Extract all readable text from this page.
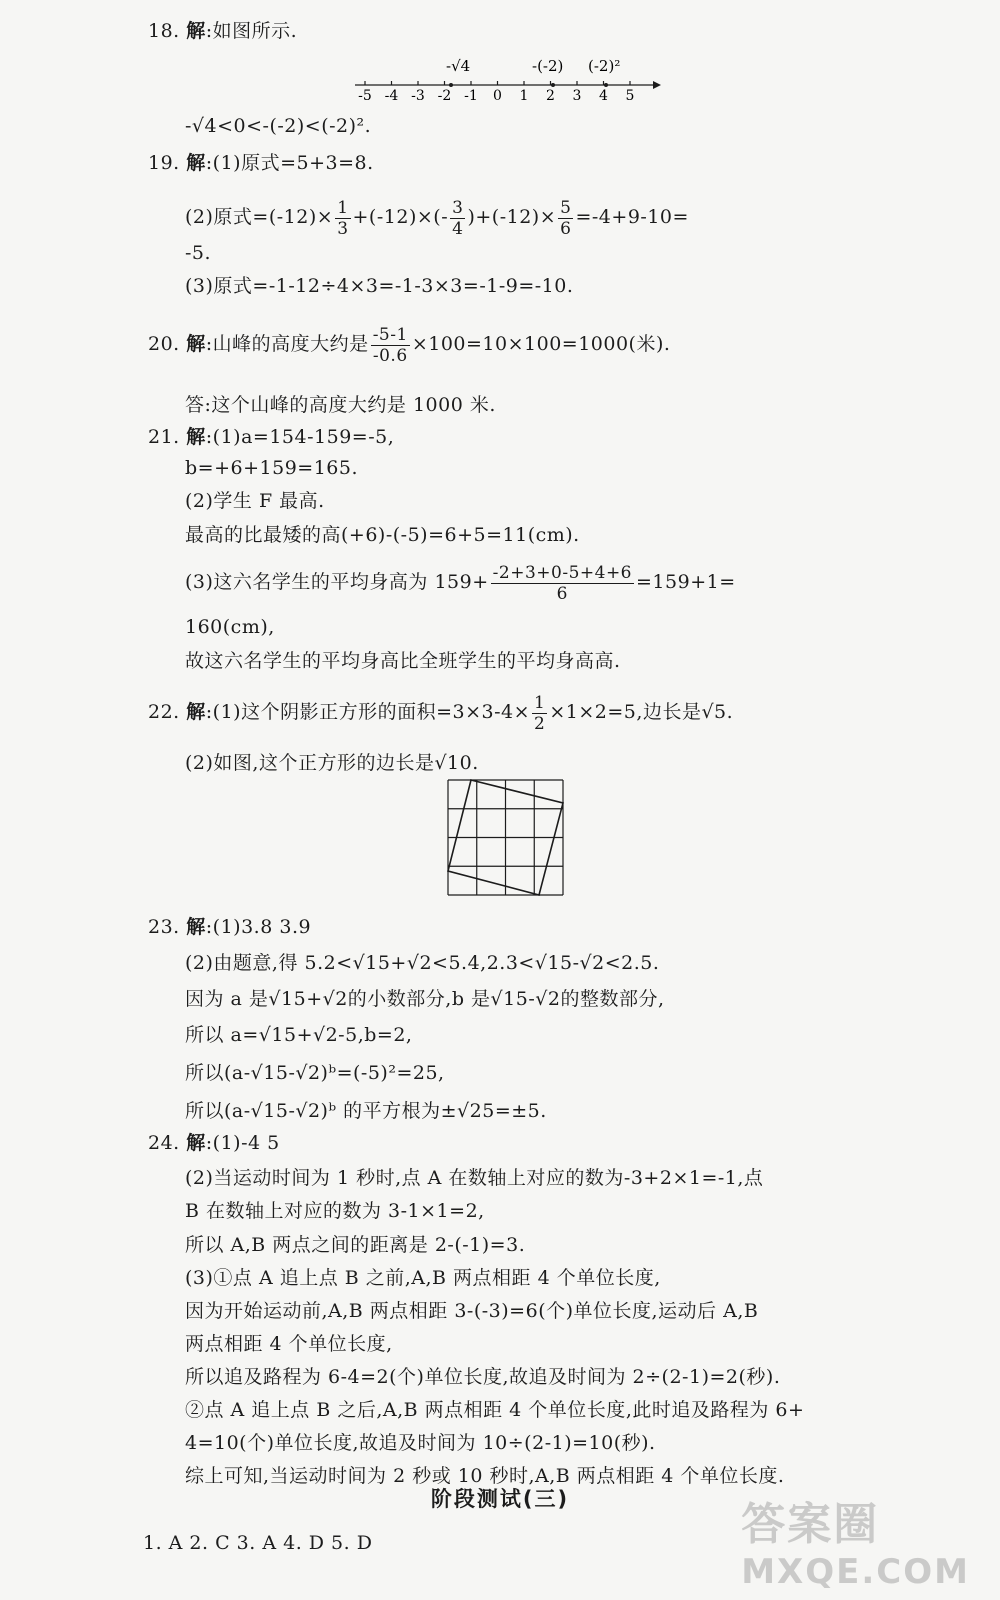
18. 解:如图所示.
-5 -4 -3 -2 -1 0 1 2 3 4 5
-√4	-(-2) (-2)²
-√4<0<-(-2)<(-2)².
19. 解:(1)原式=5+3=8.
(2)原式$=(-12)\times \frac{1}{3} +(-12)\times(- \frac{3}{4} )+(-12)\times \frac{5}{6} =-4+9-10=$
-5.
(3)原式=-1-12÷4×3=-1-3×3=-1-9=-10.
20. 解:山峰的高度大约是 $\frac{-5-1}{-0.6} \times 100=10\times 100=1000$(米).
答:这个山峰的高度大约是 1000 米.
21. 解:(1)a=154-159=-5,
b=+6+159=165.
(2)学生 F 最高.
最高的比最矮的高(+6)-(-5)=6+5=11(cm).
(3)这六名学生的平均身高为 $159+ \frac{-2+3+0-5+4+6}{6} =159+1=$
160(cm),
故这六名学生的平均身高比全班学生的平均身高高.
22. 解:(1)这个阴影正方形的面积$=3\times 3-4\times \frac{1}{2} \times 1\times 2=5$,边长是√5.
(2)如图,这个正方形的边长是√10.
23. 解:(1)3.8 3.9
(2)由题意,得 5.2<√15+√2<5.4,2.3<√15-√2<2.5.
因为 a 是√15+√2的小数部分,b 是√15-√2的整数部分,
所以 a=√15+√2-5,b=2,
所以(a-√15-√2)ᵇ=(-5)²=25,
所以(a-√15-√2)ᵇ 的平方根为±√25=±5.
24. 解:(1)-4 5
(2)当运动时间为 1 秒时,点 A 在数轴上对应的数为-3+2×1=-1,点
B 在数轴上对应的数为 3-1×1=2,
所以 A,B 两点之间的距离是 2-(-1)=3.
(3)①点 A 追上点 B 之前,A,B 两点相距 4 个单位长度,
因为开始运动前,A,B 两点相距 3-(-3)=6(个)单位长度,运动后 A,B
两点相距 4 个单位长度,
所以追及路程为 6-4=2(个)单位长度,故追及时间为 2÷(2-1)=2(秒).
②点 A 追上点 B 之后,A,B 两点相距 4 个单位长度,此时追及路程为 6+
4=10(个)单位长度,故追及时间为 10÷(2-1)=10(秒).
综上可知,当运动时间为 2 秒或 10 秒时,A,B 两点相距 4 个单位长度.
阶段测试(三)
1. A 2. C 3. A 4. D 5. D	答案圈
MXQE.COM
